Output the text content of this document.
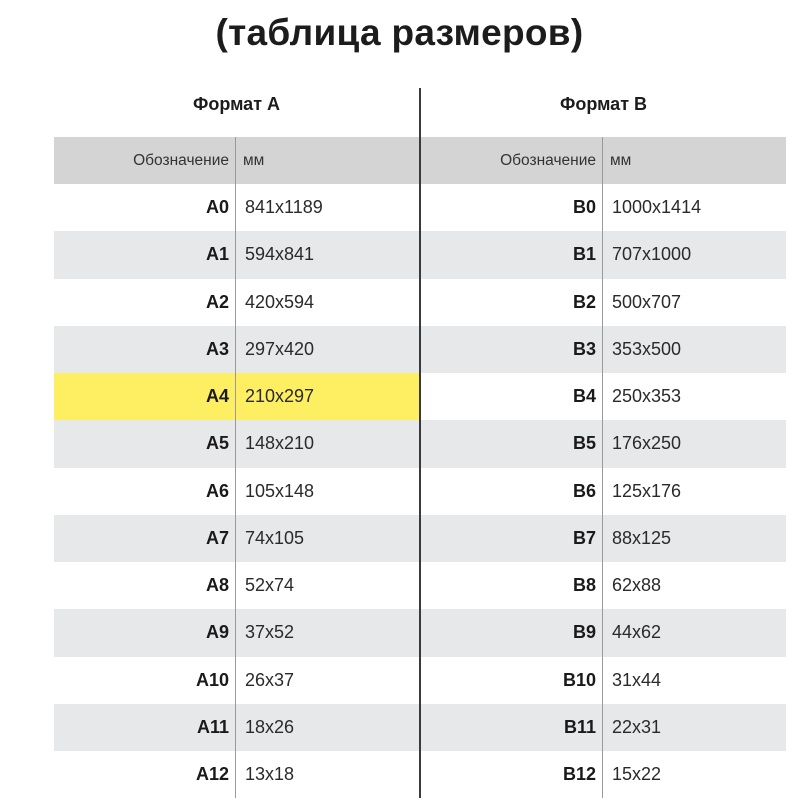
(таблица размеров)
Формат A
Обозначение мм
A0 841x1189
A1 594x841
A2 420x594
A3 297x420
A4 210x297
A5 148x210
A6 105x148
A7 74x105
A8 52x74
A9 37x52
A10 26x37
A11 18x26
A12 13x18
Формат B
Обозначение мм
B0 1000x1414
B1 707x1000
B2 500x707
B3 353x500
B4 250x353
B5 176x250
B6 125x176
B7 88x125
B8 62x88
B9 44x62
B10 31x44
B11 22x31
B12 15x22
